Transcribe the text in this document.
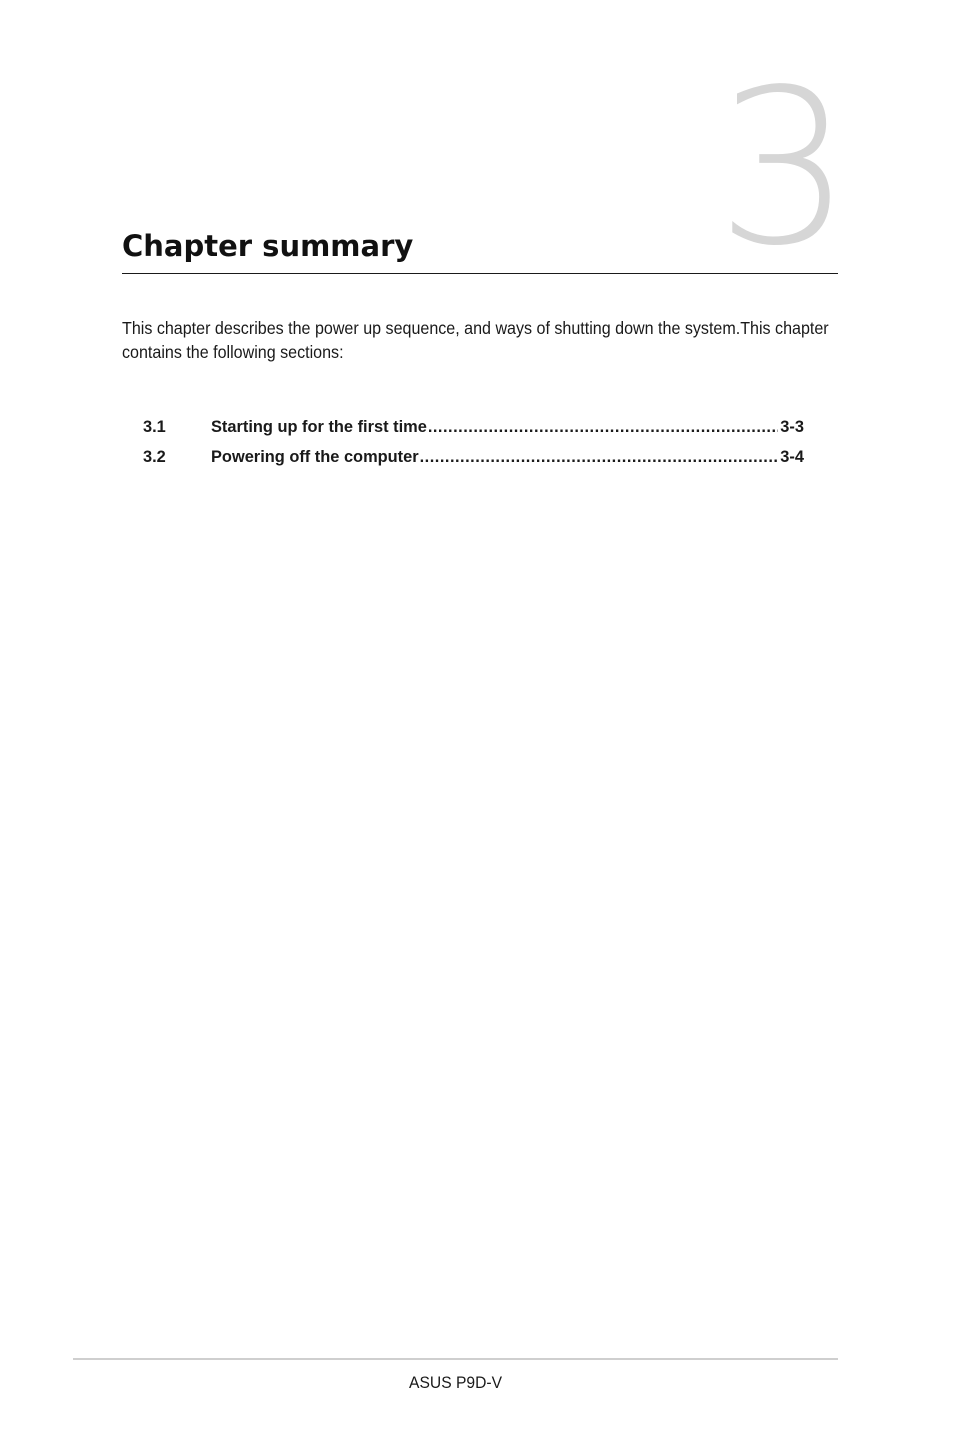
3
Chapter summary

This chapter describes the power up sequence, and ways of shutting down the system.This chapter contains the following sections:

3.1	Starting up for the first time .....	3-3
3.2	Powering off the computer .....	3-4
ASUS P9D-V
